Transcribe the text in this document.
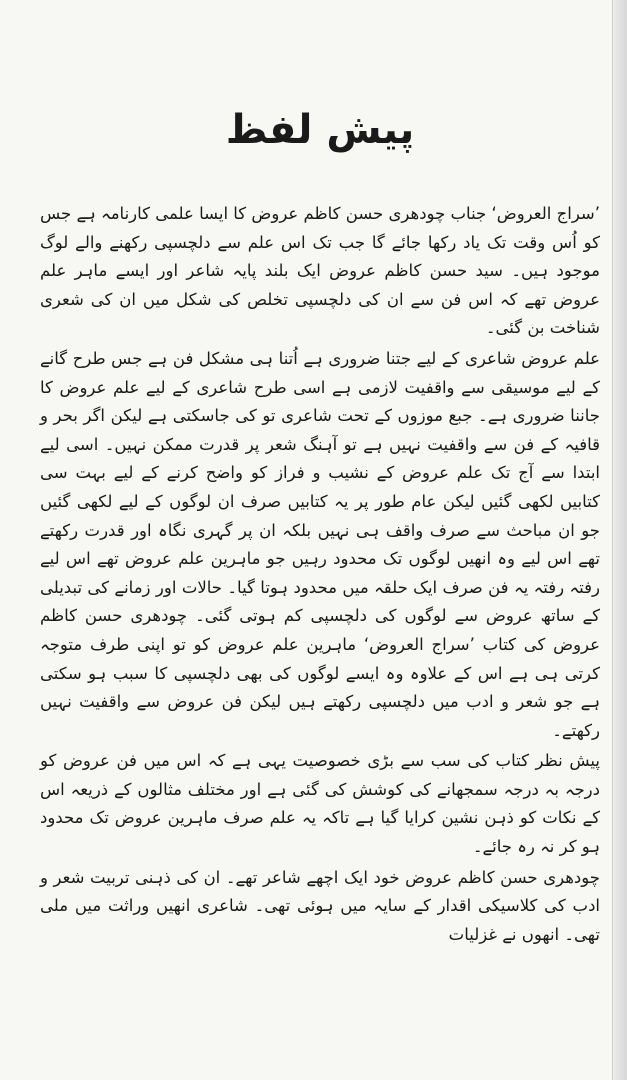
پیش لفظ

’سراج العروض‘ جناب چودھری حسن کاظم عروض کا ایسا علمی کارنامہ ہے جس کو اُس وقت تک یاد رکھا جائے گا جب تک اس علم سے دلچسپی رکھنے والے لوگ موجود ہیں۔ سید حسن کاظم عروض ایک بلند پایہ شاعر اور ایسے ماہر علم عروض تھے کہ اس فن سے ان کی دلچسپی تخلص کی شکل میں ان کی شعری شناخت بن گئی۔

علم عروض شاعری کے لیے جتنا ضروری ہے اُتنا ہی مشکل فن ہے جس طرح گانے کے لیے موسیقی سے واقفیت لازمی ہے اسی طرح شاعری کے لیے علم عروض کا جاننا ضروری ہے۔ جبع موزوں کے تحت شاعری تو کی جاسکتی ہے لیکن اگر بحر و قافیہ کے فن سے واقفیت نہیں ہے تو آہنگ شعر پر قدرت ممکن نہیں۔ اسی لیے ابتدا سے آج تک علم عروض کے نشیب و فراز کو واضح کرنے کے لیے بہت سی کتابیں لکھی گئیں لیکن عام طور پر یہ کتابیں صرف ان لوگوں کے لیے لکھی گئیں جو ان مباحث سے صرف واقف ہی نہیں بلکہ ان پر گہری نگاہ اور قدرت رکھتے تھے اس لیے وہ انھیں لوگوں تک محدود رہیں جو ماہرین علم عروض تھے اس لیے رفتہ رفتہ یہ فن صرف ایک حلقہ میں محدود ہوتا گیا۔ حالات اور زمانے کی تبدیلی کے ساتھ عروض سے لوگوں کی دلچسپی کم ہوتی گئی۔ چودھری حسن کاظم عروض کی کتاب ’سراج العروض‘ ماہرین علم عروض کو تو اپنی طرف متوجہ کرتی ہی ہے اس کے علاوہ وہ ایسے لوگوں کی بھی دلچسپی کا سبب ہو سکتی ہے جو شعر و ادب میں دلچسپی رکھتے ہیں لیکن فن عروض سے واقفیت نہیں رکھتے۔

پیش نظر کتاب کی سب سے بڑی خصوصیت یہی ہے کہ اس میں فن عروض کو درجہ بہ درجہ سمجھانے کی کوشش کی گئی ہے اور مختلف مثالوں کے ذریعہ اس کے نکات کو ذہن نشین کرایا گیا ہے تاکہ یہ علم صرف ماہرین عروض تک محدود ہو کر نہ رہ جائے۔

چودھری حسن کاظم عروض خود ایک اچھے شاعر تھے۔ ان کی ذہنی تربیت شعر و ادب کی کلاسیکی اقدار کے سایہ میں ہوئی تھی۔ شاعری انھیں وراثت میں ملی تھی۔ انھوں نے غزلیات
